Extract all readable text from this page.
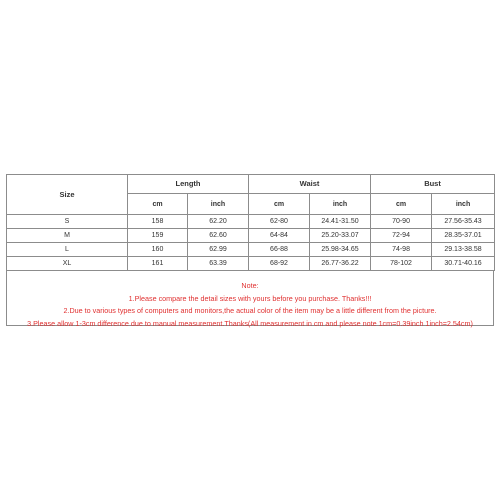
Size	Length		Waist		Bust	
	cm	inch	cm	inch	cm	inch
S	158	62.20	62-80	24.41-31.50	70-90	27.56-35.43
M	159	62.60	64-84	25.20-33.07	72-94	28.35-37.01
L	160	62.99	66-88	25.98-34.65	74-98	29.13-38.58
XL	161	63.39	68-92	26.77-36.22	78-102	30.71-40.16
Note:
1.Please compare the detail sizes with yours before you purchase. Thanks!!!
2.Due to various types of computers and monitors,the actual color of the item may be a little different from the picture.
3.Please allow 1-3cm difference due to manual measurement.Thanks(All measurement in cm and please note 1cm=0.39inch 1inch=2.54cm)
